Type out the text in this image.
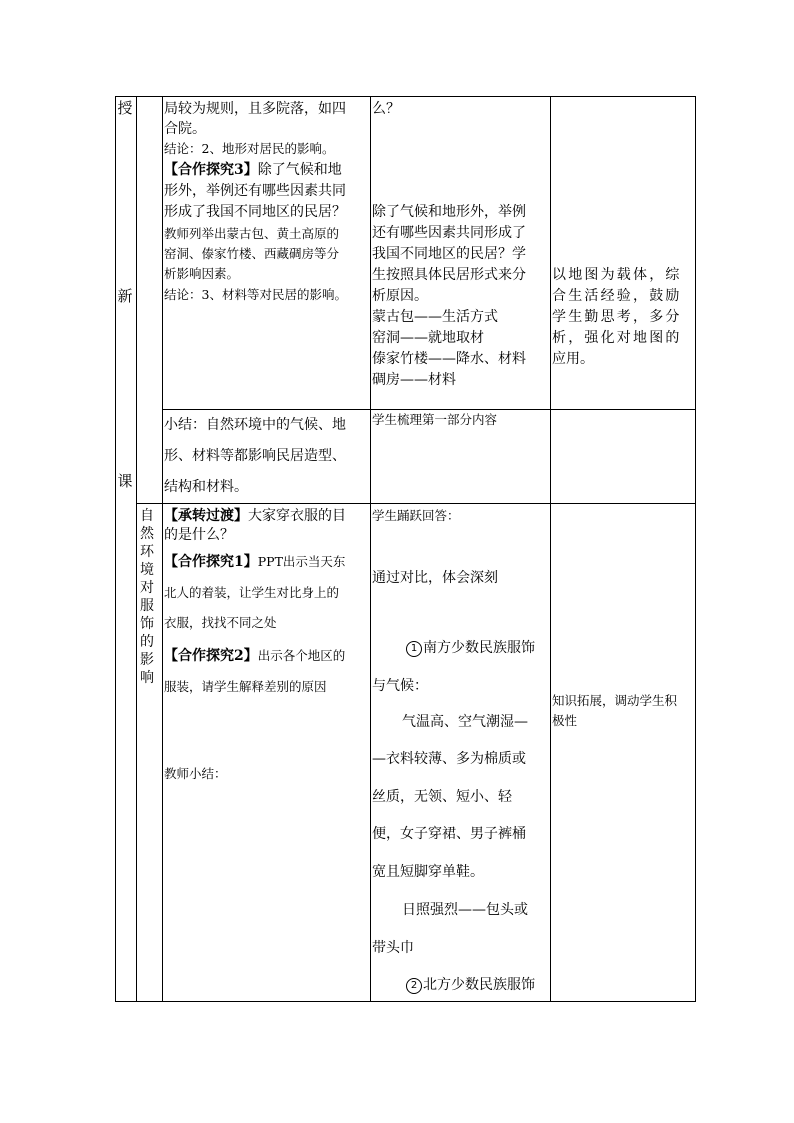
授
新
课
自
然
环
境
对
服
饰
的
影
响
局较为规则，且多院落，如四
合院。
结论：2、地形对居民的影响。
【合作探究3】除了气候和地
形外，举例还有哪些因素共同
形成了我国不同地区的民居？
教师列举出蒙古包、黄土高原的
窑洞、傣家竹楼、西藏碉房等分
析影响因素。
结论：3、材料等对民居的影响。
么？
除了气候和地形外，举例
还有哪些因素共同形成了
我国不同地区的民居？学
生按照具体民居形式来分
析原因。
蒙古包——生活方式
窑洞——就地取材
傣家竹楼——降水、材料
碉房——材料
以地图为载体，综
合生活经验，鼓励
学生勤思考，多分
析，强化对地图的
应用。
小结：自然环境中的气候、地
形、材料等都影响民居造型、
结构和材料。
学生梳理第一部分内容
【承转过渡】大家穿衣服的目
的是什么？
【合作探究1】PPT出示当天东
北人的着装，让学生对比身上的
衣服，找找不同之处
【合作探究2】出示各个地区的
服装，请学生解释差别的原因
教师小结：
学生踊跃回答：
通过对比，体会深刻
1 南方少数民族服饰
与气候：
气温高、空气潮湿—
—衣料较薄、多为棉质或
丝质，无领、短小、轻
便，女子穿裙、男子裤桶
宽且短脚穿单鞋。
日照强烈——包头或
带头巾
2 北方少数民族服饰
知识拓展，调动学生积
极性
